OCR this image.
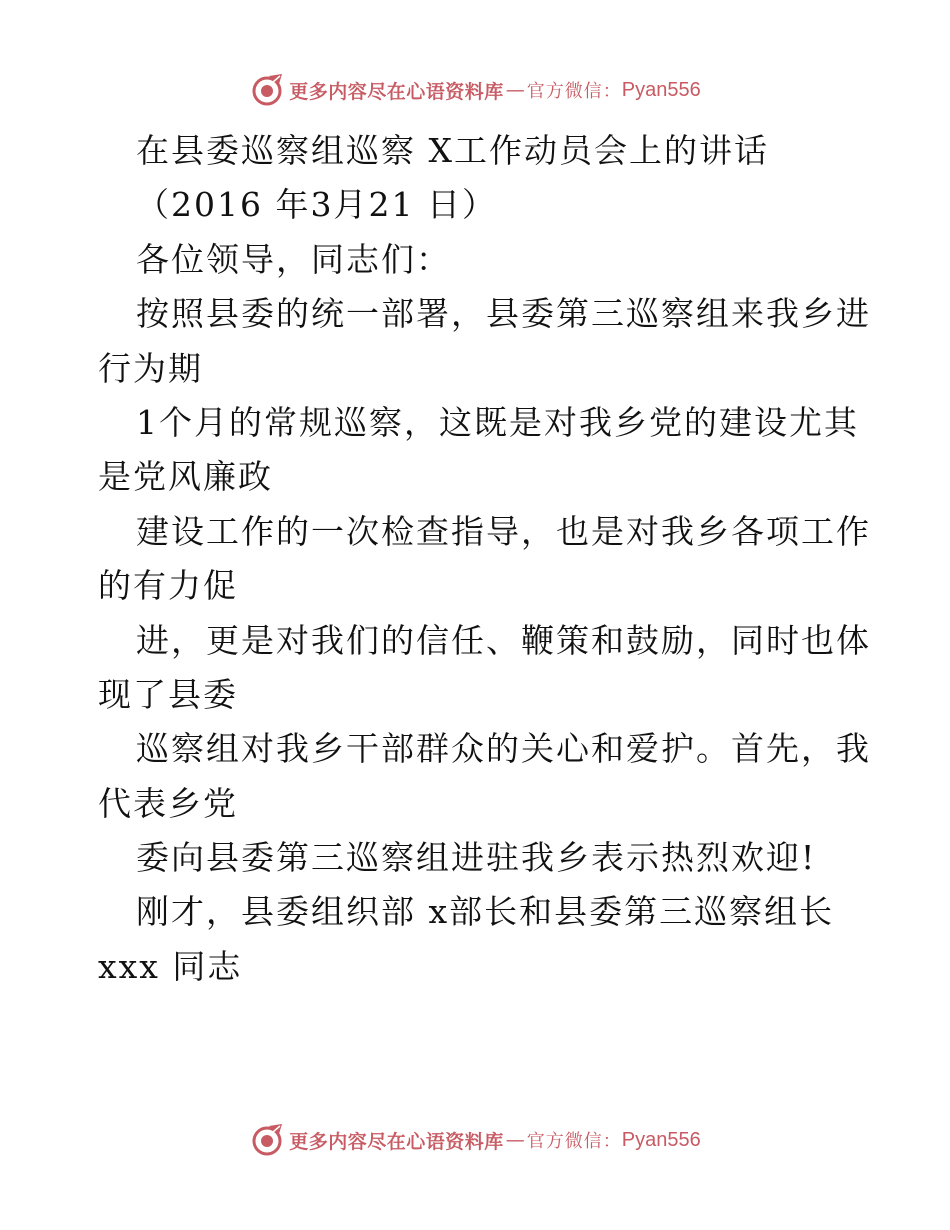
更多内容尽在心语资料库 — 官方微信： Pyan556
在县委巡察组巡察 X工作动员会上的讲话
（2016 年3月21 日）
各位领导，同志们：
按照县委的统一部署，县委第三巡察组来我乡进
行为期
1个月的常规巡察，这既是对我乡党的建设尤其
是党风廉政
建设工作的一次检查指导，也是对我乡各项工作
的有力促
进，更是对我们的信任、鞭策和鼓励，同时也体
现了县委
巡察组对我乡干部群众的关心和爱护。首先，我
代表乡党
委向县委第三巡察组进驻我乡表示热烈欢迎!
刚才，县委组织部 x部长和县委第三巡察组长
xxx 同志
更多内容尽在心语资料库 — 官方微信： Pyan556
